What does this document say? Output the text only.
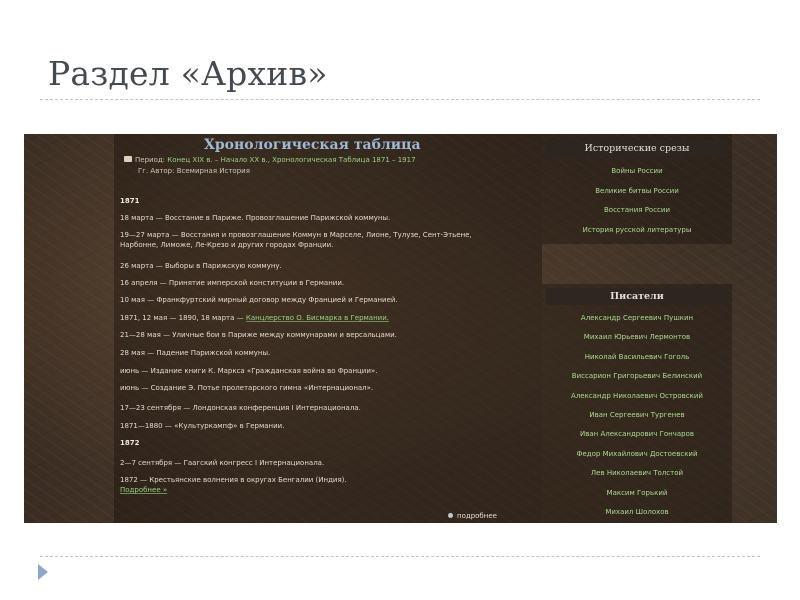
Раздел «Архив»
Хронологическая таблица
Период: Конец XIX в. – Начало XX в., Хронологическая Таблица 1871 – 1917
Гг. Автор: Всемирная История
1871
18 марта — Восстание в Париже. Провозглашение Парижской коммуны.
19—27 марта — Восстания и провозглашение Коммун в Марселе, Лионе, Тулузе, Сент-Этьене,
Нарбонне, Лиможе, Ле-Крезо и других городах Франции.
26 марта — Выборы в Парижскую коммуну.
16 апреля — Принятие имперской конституции в Германии.
10 мая — Франкфуртский мирный договор между Францией и Германией.
1871, 12 мая — 1890, 18 марта — Канцлерство О. Бисмарка в Германии.
21—28 мая — Уличные бои в Париже между коммунарами и версальцами.
28 мая — Падение Парижской коммуны.
июнь — Издание книги К. Маркса «Гражданская война во Франции».
июнь — Создание Э. Потье пролетарского гимна «Интернационал».
17—23 сентября — Лондонская конференция I Интернационала.
1871—1880 — «Культуркампф» в Германии.
1872
2—7 сентября — Гаагский конгресс I Интернационала.
1872 — Крестьянские волнения в округах Бенгалии (Индия).
Подробнее »
Исторические срезы
Войны России
Великие битвы России
Восстания России
История русской литературы
Писатели
Александр Сергеевич Пушкин
Михаил Юрьевич Лермонтов
Николай Васильевич Гоголь
Виссарион Григорьевич Белинский
Александр Николаевич Островский
Иван Сергеевич Тургенев
Иван Александрович Гончаров
Федор Михайлович Достоевский
Лев Николаевич Толстой
Максим Горький
Михаил Шолохов
подробнее
